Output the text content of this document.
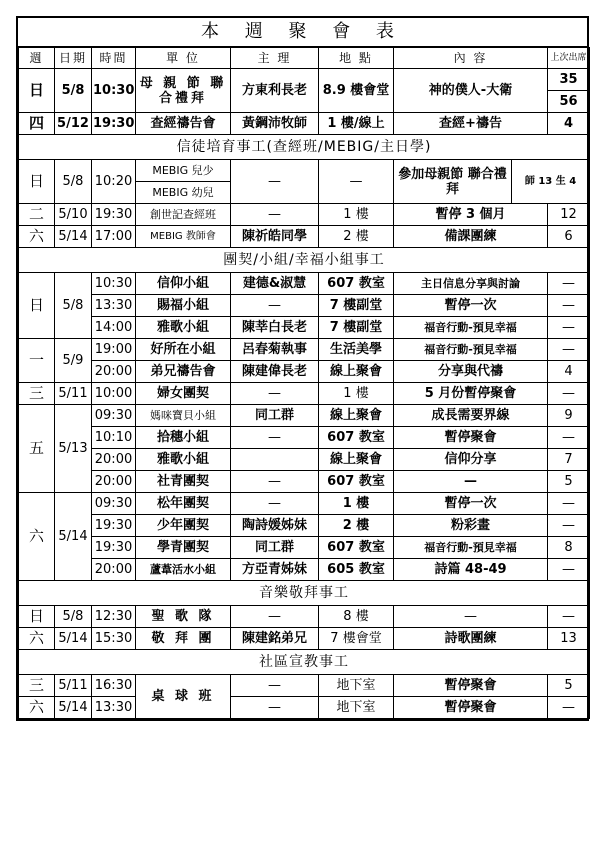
本 週 聚 會 表
週	日期	時間	單 位	主 理	地 點	內 容		上次出席
日	5/8	10:30	母 親 節 聯合禮拜	方東利長老	8.9 樓會堂	神的僕人-大衛		35
								56
四	5/12	19:30	查經禱告會	黃鋼沛牧師	1 樓/線上	查經+禱告		4
信徒培育事工(查經班/MEBIG/主日學)								
日	5/8	10:20	MEBIG 兒少	—	—	參加母親節 聯合禮拜	師 13 生 4	
			MEBIG 幼兒					
二	5/10	19:30	創世記查經班	—	1 樓	暫停 3 個月		12
六	5/14	17:00	MEBIG 教師會	陳祈皓同學	2 樓	備課團練		6
團契/小組/幸福小組事工								
日	5/8	10:30	信仰小組	建德&淑慧	607 教室	主日信息分享與討論		—
		13:30	賜福小組	—	7 樓副堂	暫停一次		—
		14:00	雅歌小組	陳莘白長老	7 樓副堂	福音行動-預見幸福		—
一	5/9	19:00	好所在小組	呂春菊執事	生活美學	福音行動-預見幸福		—
		20:00	弟兄禱告會	陳建偉長老	線上聚會	分享與代禱		4
三	5/11	10:00	婦女團契	—	1 樓	5 月份暫停聚會		—
五	5/13	09:30	媽咪寶貝小組	同工群	線上聚會	成長需要界線		9
		10:10	拾穗小組	—	607 教室	暫停聚會		—
		20:00	雅歌小組		線上聚會	信仰分享		7
		20:00	社青團契	—	607 教室	—		5
六	5/14	09:30	松年團契	—	1 樓	暫停一次		—
		19:30	少年團契	陶詩媛姊妹	2 樓	粉彩畫		—
		19:30	學青團契	同工群	607 教室	福音行動-預見幸福		8
		20:00	蘆葦活水小組	方亞青姊妹	605 教室	詩篇 48-49		—
音樂敬拜事工								
日	5/8	12:30	聖 歌 隊	—	8 樓	—		—
六	5/14	15:30	敬 拜 團	陳建銘弟兄	7 樓會堂	詩歌團練		13
社區宣教事工								
三	5/11	16:30	桌 球 班	—	地下室	暫停聚會		5
六	5/14	13:30		—	地下室	暫停聚會		—
